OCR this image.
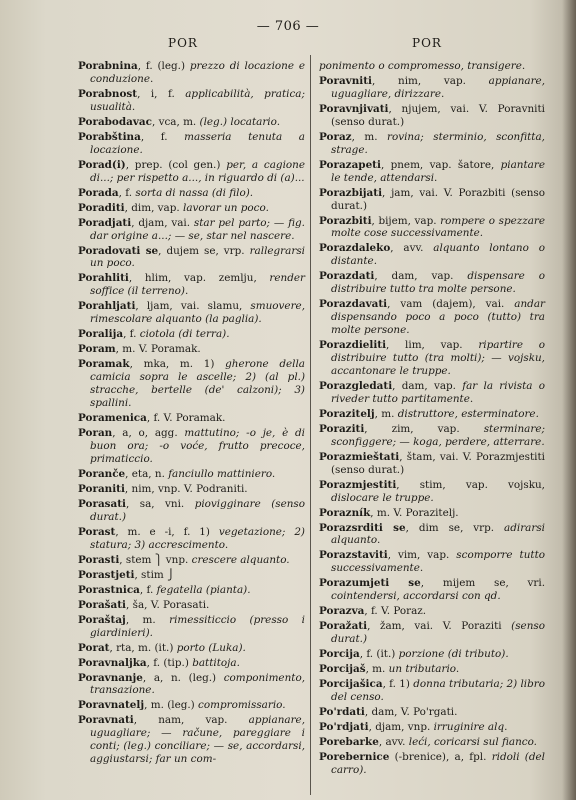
— 706 —
POR	POR

Porabnina, f. (leg.) prezzo di locazione e conduzione.

Porabnost, i, f. applicabilità, pratica; usualità.

Porabodavac, vca, m. (leg.) locatario.

Porabština, f. masseria tenuta a locazione.

Porad(i), prep. (col gen.) per, a cagione di...; per rispetto a..., in riguardo di (a)...

Porada, f. sorta di nassa (di filo).

Poraditi, dim, vap. lavorar un poco.

Poradjati, djam, vai. star pel parto; — fig. dar origine a...; — se, star nel nascere.

Poradovati se, dujem se, vrp. rallegrarsi un poco.

Porahliti, hlim, vap. zemlju, render soffice (il terreno).

Porahljati, ljam, vai. slamu, smuovere, rimescolare alquanto (la paglia).

Poralija, f. ciotola (di terra).

Poram, m. V. Poramak.

Poramak, mka, m. 1) gherone della camicia sopra le ascelle; 2) (al pl.) stracche, bertelle (de' calzoni); 3) spallini.

Poramenica, f. V. Poramak.

Poran, a, o, agg. mattutino; -o je, è di buon ora; -o voće, frutto precoce, primaticcio.

Poranče, eta, n. fanciullo mattiniero.

Poraniti, nim, vnp. V. Podraniti.

Porasati, sa, vni. piovigginare (senso durat.)

Porast, m. e -i, f. 1) vegetazione; 2) statura; 3) accrescimento.

Porasti, stem ⎫ vnp. crescere alquanto.

Porastjeti, stim ⎭

Porastnica, f. fegatella (pianta).

Porašati, ša, V. Porasati.

Poraštaj, m. rimessiticcio (presso i giardinieri).

Porat, rta, m. (it.) porto (Luka).

Poravnaljka, f. (tip.) battitoja.

Poravnanje, a, n. (leg.) componimento, transazione.

Poravnatelj, m. (leg.) compromissario.

Poravnati, nam, vap. appianare, uguagliare; — račune, pareggiare i conti; (leg.) conciliare; — se, accordarsi, aggiustarsi; far un com-

ponimento o compromesso, transigere.

Poravniti, nim, vap. appianare, uguagliare, dirizzare.

Poravnjivati, njujem, vai. V. Poravniti (senso durat.)

Poraz, m. rovina; sterminio, sconfitta, strage.

Porazapeti, pnem, vap. šatore, piantare le tende, attendarsi.

Porazbijati, jam, vai. V. Porazbiti (senso durat.)

Porazbiti, bijem, vap. rompere o spezzare molte cose successivamente.

Porazdaleko, avv. alquanto lontano o distante.

Porazdati, dam, vap. dispensare o distribuire tutto tra molte persone.

Porazdavati, vam (dajem), vai. andar dispensando poco a poco (tutto) tra molte persone.

Porazdieliti, lim, vap. ripartire o distribuire tutto (tra molti); — vojsku, accantonare le truppe.

Porazgledati, dam, vap. far la rivista o riveder tutto partitamente.

Porazitelj, m. distruttore, esterminatore.

Poraziti, zim, vap. sterminare; sconfiggere; — koga, perdere, atterrare.

Porazmieštati, štam, vai. V. Porazmjestiti (senso durat.)

Porazmjestiti, stim, vap. vojsku, dislocare le truppe.

Porazník, m. V. Porazitelj.

Porazsrditi se, dim se, vrp. adirarsi alquanto.

Porazstaviti, vim, vap. scomporre tutto successivamente.

Porazumjeti se, mijem se, vri. cointendersi, accordarsi con qd.

Porazva, f. V. Poraz.

Poražati, žam, vai. V. Poraziti (senso durat.)

Porcija, f. (it.) porzione (di tributo).

Porcijaš, m. un tributario.

Porcijašica, f. 1) donna tributaria; 2) libro del censo.

Po'rdati, dam, V. Po'rgati.

Po'rdjati, djam, vnp. irruginire alq.

Porebarke, avv. leći, coricarsi sul fianco.

Porebernice (-brenice), a, fpl. ridoli (del carro).
